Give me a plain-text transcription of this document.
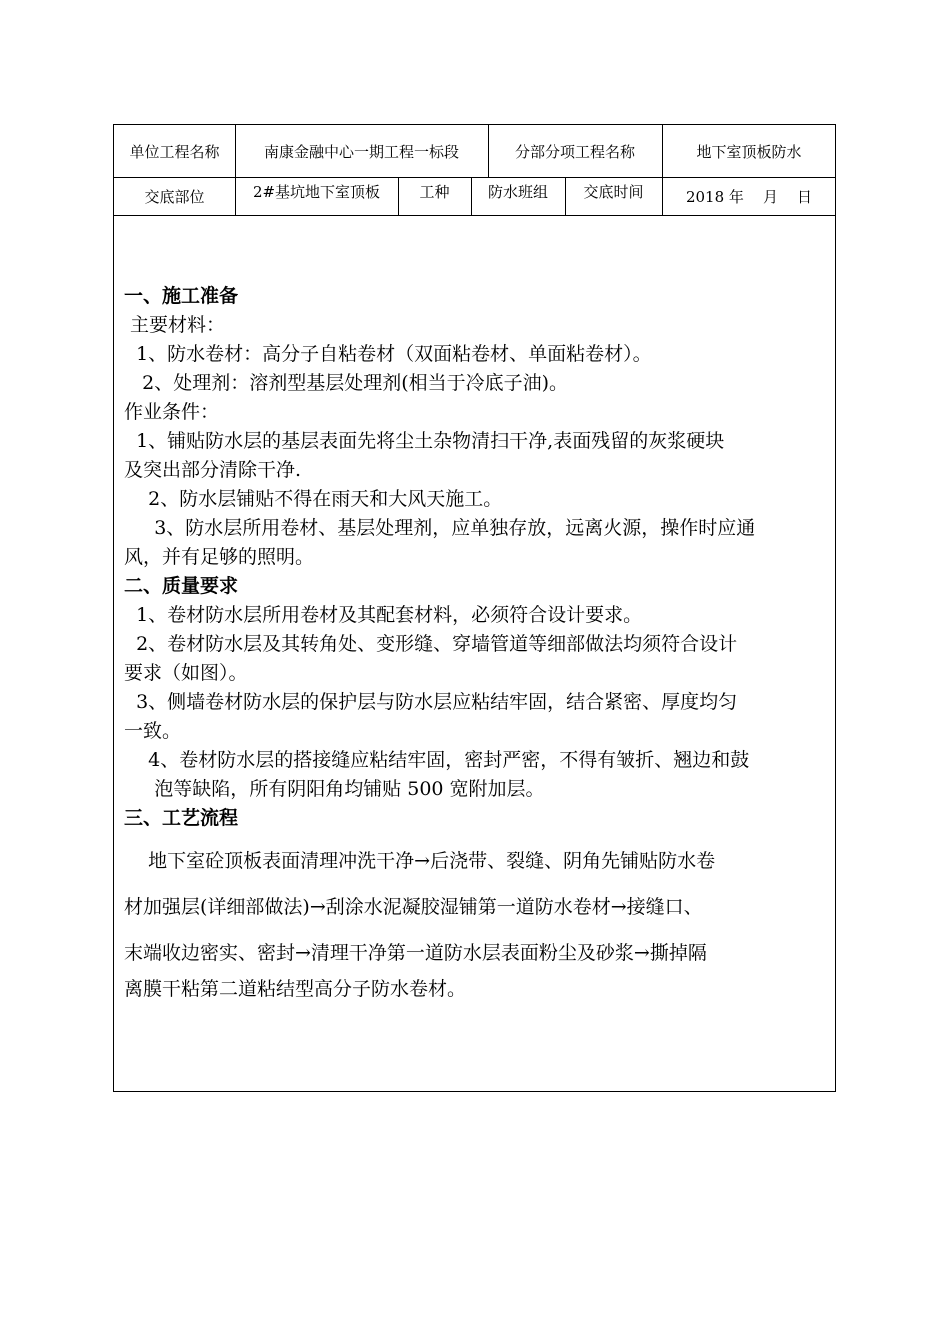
单位工程名称	南康金融中心一期工程一标段	分部分项工程名称	地下室顶板防水
交底部位	2#基坑地下室顶板	工种	防水班组	交底时间	2018 年    月    日
一、施工准备

主要材料：

1、防水卷材：高分子自粘卷材（双面粘卷材、单面粘卷材）。

2、处理剂：溶剂型基层处理剂(相当于冷底子油)。

作业条件：

1、铺贴防水层的基层表面先将尘土杂物清扫干净,表面残留的灰浆硬块

及突出部分清除干净.

2、防水层铺贴不得在雨天和大风天施工。

3、防水层所用卷材、基层处理剂，应单独存放，远离火源，操作时应通

风，并有足够的照明。

二、质量要求

1、卷材防水层所用卷材及其配套材料，必须符合设计要求。

2、卷材防水层及其转角处、变形缝、穿墙管道等细部做法均须符合设计

要求（如图）。

3、侧墙卷材防水层的保护层与防水层应粘结牢固，结合紧密、厚度均匀

一致。

4、卷材防水层的搭接缝应粘结牢固，密封严密，不得有皱折、翘边和鼓

泡等缺陷，所有阴阳角均铺贴 500 宽附加层。

三、工艺流程

地下室砼顶板表面清理冲洗干净→后浇带、裂缝、阴角先铺贴防水卷

材加强层(详细部做法)→刮涂水泥凝胶湿铺第一道防水卷材→接缝口、

末端收边密实、密封→清理干净第一道防水层表面粉尘及砂浆→撕掉隔

离膜干粘第二道粘结型高分子防水卷材。
